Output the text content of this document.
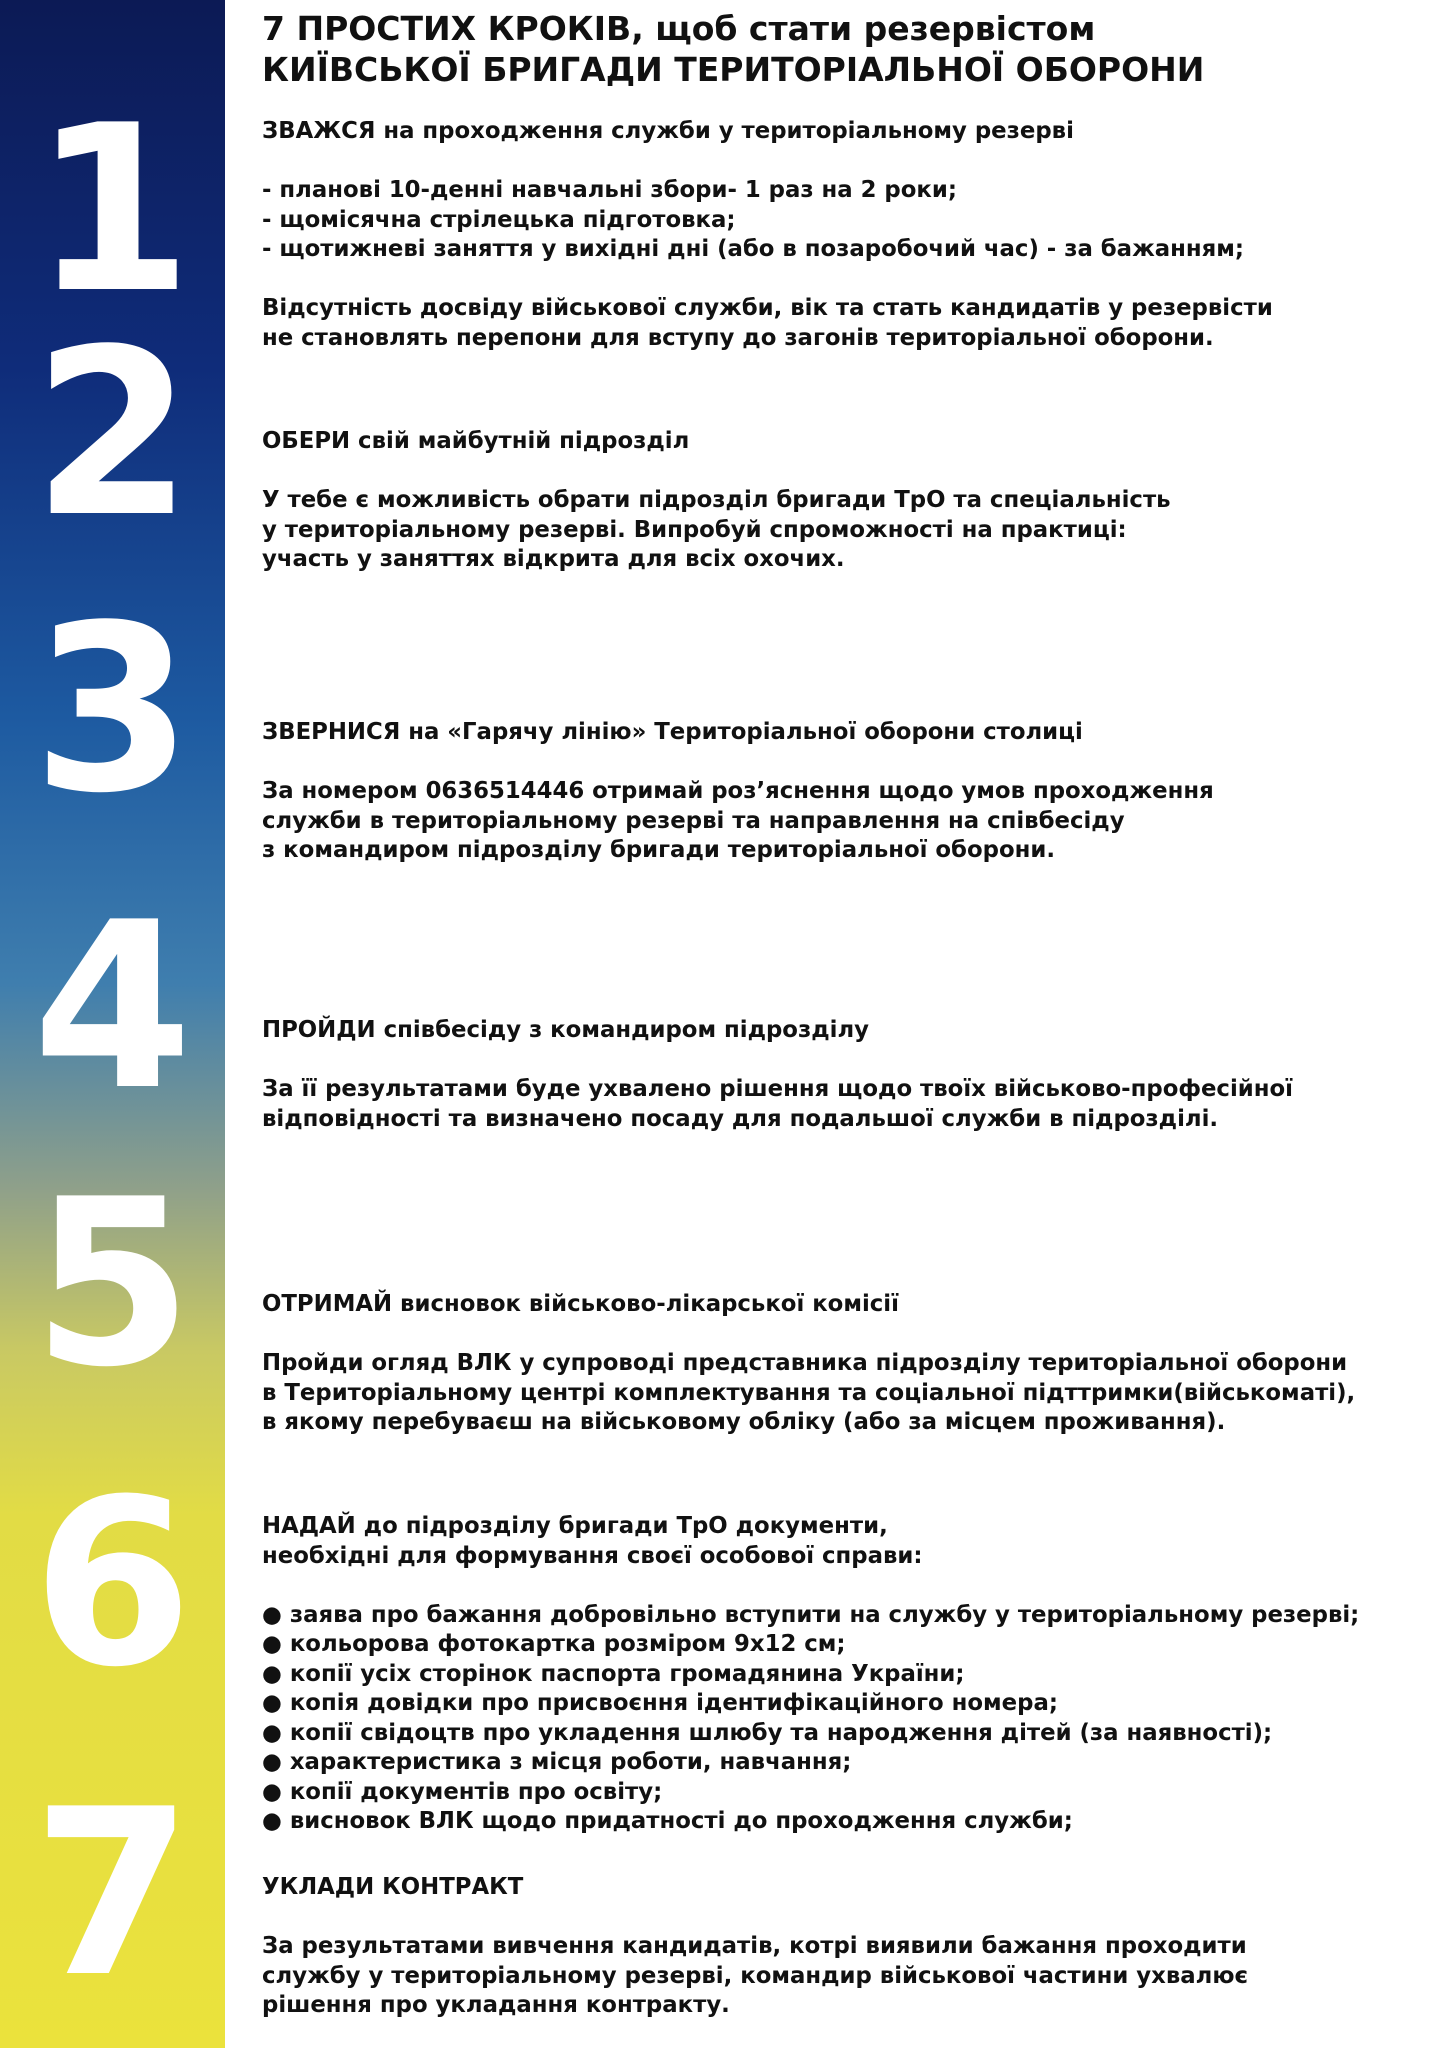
1
2
3
4
5
6
7
7 ПРОСТИХ КРОКІВ, щоб стати резервістом
КИЇВСЬКОЇ БРИГАДИ ТЕРИТОРІАЛЬНОЇ ОБОРОНИ

ЗВАЖСЯ на проходження служби у територіальному резерві

- планові 10-денні навчальні збори- 1 раз на 2 роки;

- щомісячна стрілецька підготовка;

- щотижневі заняття у вихідні дні (або в позаробочий час) - за бажанням;

Відсутність досвіду військової служби, вік та стать кандидатів у резервісти

не становлять перепони для вступу до загонів територіальної оборони.

ОБЕРИ свій майбутній підрозділ

У тебе є можливість обрати підрозділ бригади ТрО та спеціальність

у територіальному резерві. Випробуй спроможності на практиці:

участь у заняттях відкрита для всіх охочих.

ЗВЕРНИСЯ на «Гарячу лінію» Територіальної оборони столиці

За номером 0636514446 отримай роз’яснення щодо умов проходження

служби в територіальному резерві та направлення на співбесіду

з командиром підрозділу бригади територіальної оборони.

ПРОЙДИ співбесіду з командиром підрозділу

За її результатами буде ухвалено рішення щодо твоїх військово-професійної

відповідності та визначено посаду для подальшої служби в підрозділі.

ОТРИМАЙ висновок військово-лікарської комісії

Пройди огляд ВЛК у супроводі представника підрозділу територіальної оборони

в Територіальному центрі комплектування та соціальної підттримки(військоматі),

в якому перебуваєш на військовому обліку (або за місцем проживання).

НАДАЙ до підрозділу бригади ТрО документи,

необхідні для формування своєї особової справи:

● заява про бажання добровільно вступити на службу у територіальному резерві;

● кольорова фотокартка розміром 9х12 см;

● копії усіх сторінок паспорта громадянина України;

● копія довідки про присвоєння ідентифікаційного номера;

● копії свідоцтв про укладення шлюбу та народження дітей (за наявності);

● характеристика з місця роботи, навчання;

● копії документів про освіту;

● висновок ВЛК щодо придатності до проходження служби;

УКЛАДИ КОНТРАКТ

За результатами вивчення кандидатів, котрі виявили бажання проходити

службу у територіальному резерві, командир військової частини ухвалює

рішення про укладання контракту.
